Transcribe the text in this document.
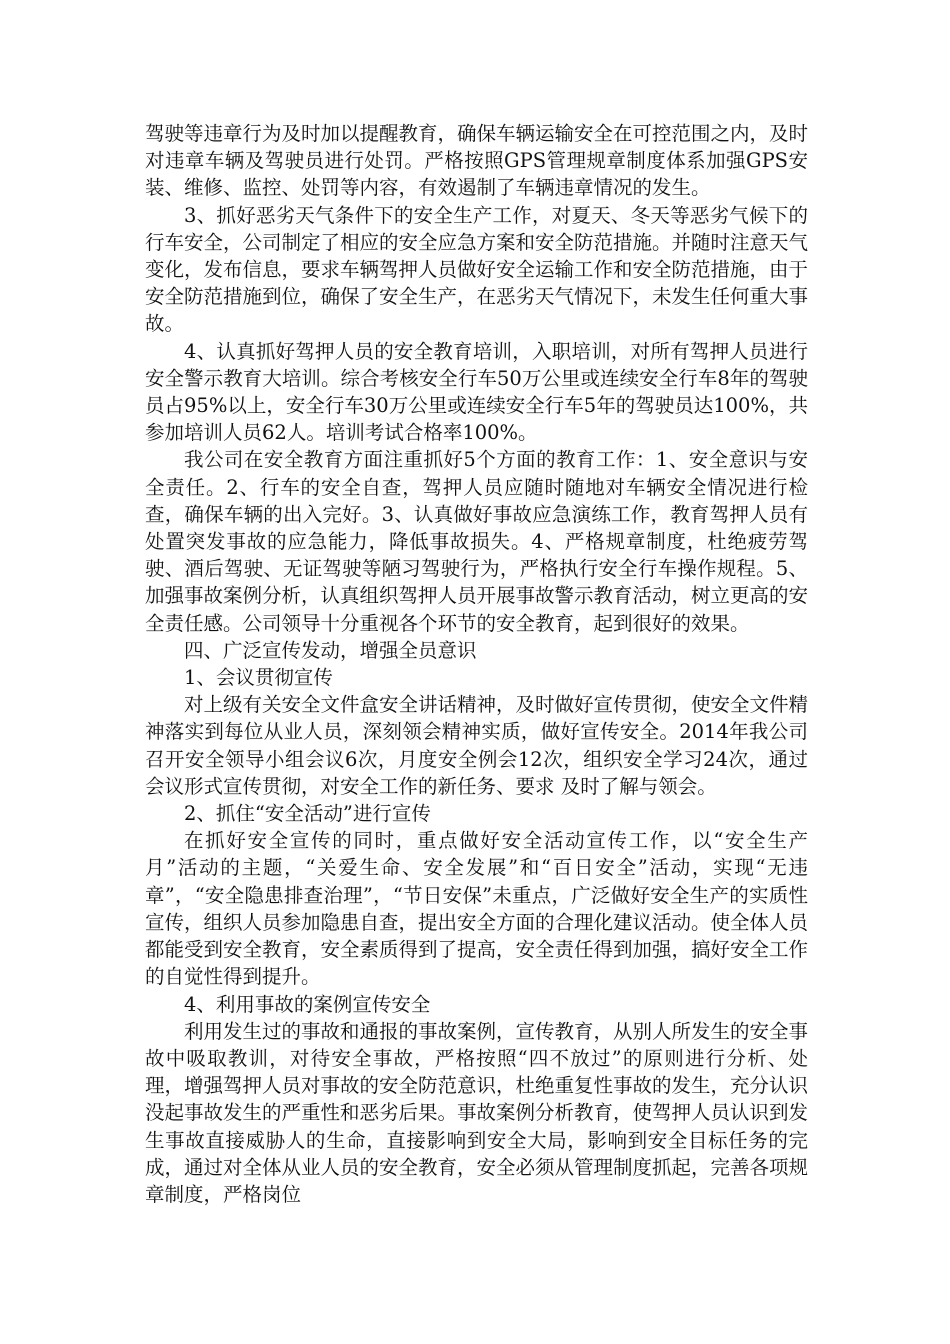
驾驶等违章行为及时加以提醒教育，确保车辆运输安全在可控范围之内，及时对违章车辆及驾驶员进行处罚。严格按照GPS管理规章制度体系加强GPS安装、维修、监控、处罚等内容，有效遏制了车辆违章情况的发生。

3、抓好恶劣天气条件下的安全生产工作，对夏天、冬天等恶劣气候下的行车安全，公司制定了相应的安全应急方案和安全防范措施。并随时注意天气变化，发布信息，要求车辆驾押人员做好安全运输工作和安全防范措施，由于安全防范措施到位，确保了安全生产，在恶劣天气情况下，未发生任何重大事故。

4、认真抓好驾押人员的安全教育培训，入职培训，对所有驾押人员进行安全警示教育大培训。综合考核安全行车50万公里或连续安全行车8年的驾驶员占95%以上，安全行车30万公里或连续安全行车5年的驾驶员达100%，共参加培训人员62人。培训考试合格率100%。

我公司在安全教育方面注重抓好5个方面的教育工作：1、安全意识与安全责任。2、行车的安全自查，驾押人员应随时随地对车辆安全情况进行检查，确保车辆的出入完好。3、认真做好事故应急演练工作，教育驾押人员有处置突发事故的应急能力，降低事故损失。4、严格规章制度，杜绝疲劳驾驶、酒后驾驶、无证驾驶等陋习驾驶行为，严格执行安全行车操作规程。5、加强事故案例分析，认真组织驾押人员开展事故警示教育活动，树立更高的安全责任感。公司领导十分重视各个环节的安全教育，起到很好的效果。

四、广泛宣传发动，增强全员意识

1、会议贯彻宣传

对上级有关安全文件盒安全讲话精神，及时做好宣传贯彻，使安全文件精神落实到每位从业人员，深刻领会精神实质，做好宣传安全。2014年我公司召开安全领导小组会议6次，月度安全例会12次，组织安全学习24次，通过会议形式宣传贯彻，对安全工作的新任务、要求 及时了解与领会。

2、抓住“安全活动”进行宣传

在抓好安全宣传的同时，重点做好安全活动宣传工作，以“安全生产月”活动的主题，“关爱生命、安全发展”和“百日安全”活动，实现“无违章”，“安全隐患排查治理”，“节日安保”未重点，广泛做好安全生产的实质性宣传，组织人员参加隐患自查，提出安全方面的合理化建议活动。使全体人员都能受到安全教育，安全素质得到了提高，安全责任得到加强，搞好安全工作的自觉性得到提升。

4、利用事故的案例宣传安全

利用发生过的事故和通报的事故案例，宣传教育，从别人所发生的安全事故中吸取教训，对待安全事故，严格按照“四不放过”的原则进行分析、处理，增强驾押人员对事故的安全防范意识，杜绝重复性事故的发生，充分认识没起事故发生的严重性和恶劣后果。事故案例分析教育，使驾押人员认识到发生事故直接威胁人的生命，直接影响到安全大局，影响到安全目标任务的完成，通过对全体从业人员的安全教育，安全必须从管理制度抓起，完善各项规章制度，严格岗位
